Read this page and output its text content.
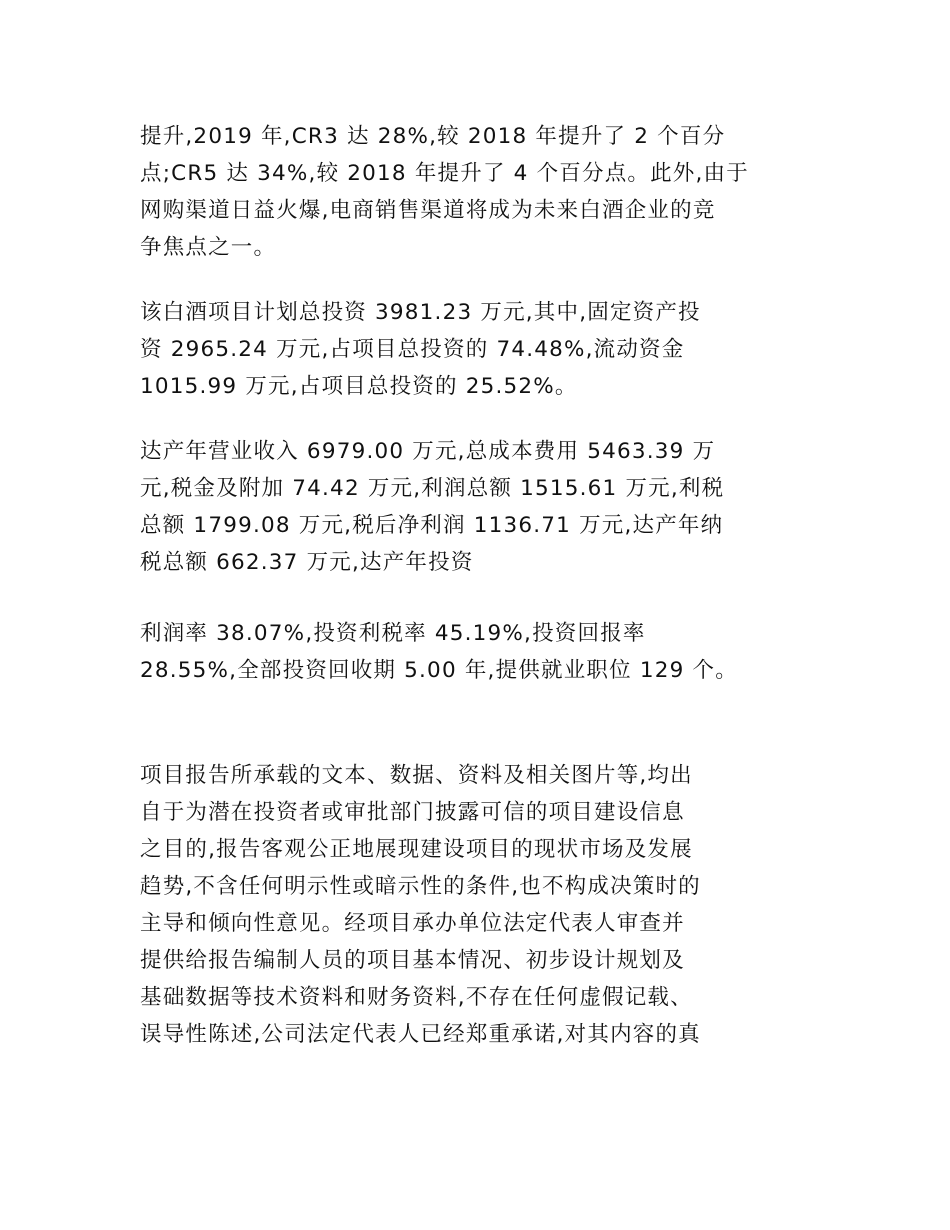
提升,2019 年,CR3 达 28%,较 2018 年提升了 2 个百分
点;CR5 达 34%,较 2018 年提升了 4 个百分点。此外,由于
网购渠道日益火爆,电商销售渠道将成为未来白酒企业的竞
争焦点之一。
该白酒项目计划总投资 3981.23 万元,其中,固定资产投
资 2965.24 万元,占项目总投资的 74.48%,流动资金
1015.99 万元,占项目总投资的 25.52%。
达产年营业收入 6979.00 万元,总成本费用 5463.39 万
元,税金及附加 74.42 万元,利润总额 1515.61 万元,利税
总额 1799.08 万元,税后净利润 1136.71 万元,达产年纳
税总额 662.37 万元,达产年投资
利润率 38.07%,投资利税率 45.19%,投资回报率
28.55%,全部投资回收期 5.00 年,提供就业职位 129 个。
项目报告所承载的文本、数据、资料及相关图片等,均出
自于为潜在投资者或审批部门披露可信的项目建设信息
之目的,报告客观公正地展现建设项目的现状市场及发展
趋势,不含任何明示性或暗示性的条件,也不构成决策时的
主导和倾向性意见。经项目承办单位法定代表人审查并
提供给报告编制人员的项目基本情况、初步设计规划及
基础数据等技术资料和财务资料,不存在任何虚假记载、
误导性陈述,公司法定代表人已经郑重承诺,对其内容的真
